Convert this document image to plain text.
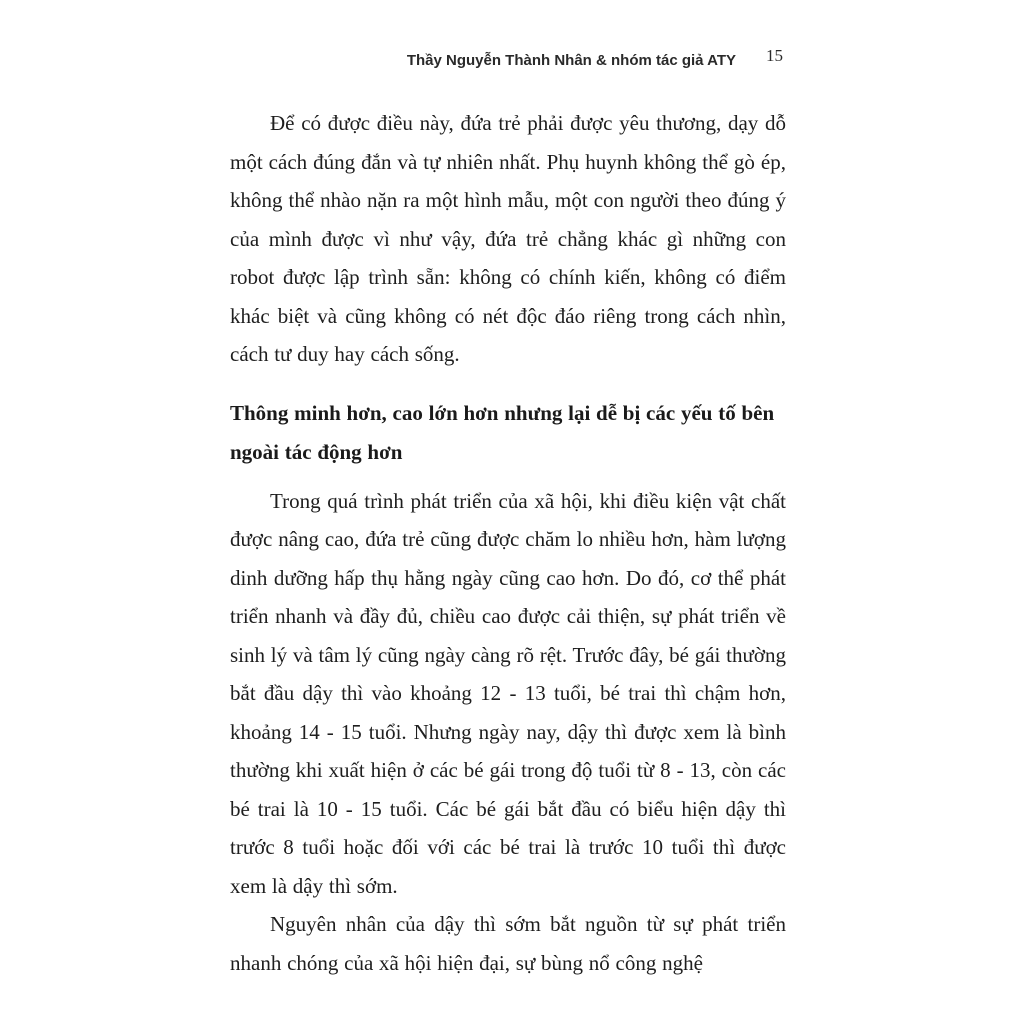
Thầy Nguyễn Thành Nhân & nhóm tác giả ATY 15

Để có được điều này, đứa trẻ phải được yêu thương, dạy dỗ một cách đúng đắn và tự nhiên nhất. Phụ huynh không thể gò ép, không thể nhào nặn ra một hình mẫu, một con người theo đúng ý của mình được vì như vậy, đứa trẻ chẳng khác gì những con robot được lập trình sẵn: không có chính kiến, không có điểm khác biệt và cũng không có nét độc đáo riêng trong cách nhìn, cách tư duy hay cách sống.

Thông minh hơn, cao lớn hơn nhưng lại dễ bị các yếu tố bên ngoài tác động hơn

Trong quá trình phát triển của xã hội, khi điều kiện vật chất được nâng cao, đứa trẻ cũng được chăm lo nhiều hơn, hàm lượng dinh dưỡng hấp thụ hằng ngày cũng cao hơn. Do đó, cơ thể phát triển nhanh và đầy đủ, chiều cao được cải thiện, sự phát triển về sinh lý và tâm lý cũng ngày càng rõ rệt. Trước đây, bé gái thường bắt đầu dậy thì vào khoảng 12 - 13 tuổi, bé trai thì chậm hơn, khoảng 14 - 15 tuổi. Nhưng ngày nay, dậy thì được xem là bình thường khi xuất hiện ở các bé gái trong độ tuổi từ 8 - 13, còn các bé trai là 10 - 15 tuổi. Các bé gái bắt đầu có biểu hiện dậy thì trước 8 tuổi hoặc đối với các bé trai là trước 10 tuổi thì được xem là dậy thì sớm.

Nguyên nhân của dậy thì sớm bắt nguồn từ sự phát triển nhanh chóng của xã hội hiện đại, sự bùng nổ công nghệ
